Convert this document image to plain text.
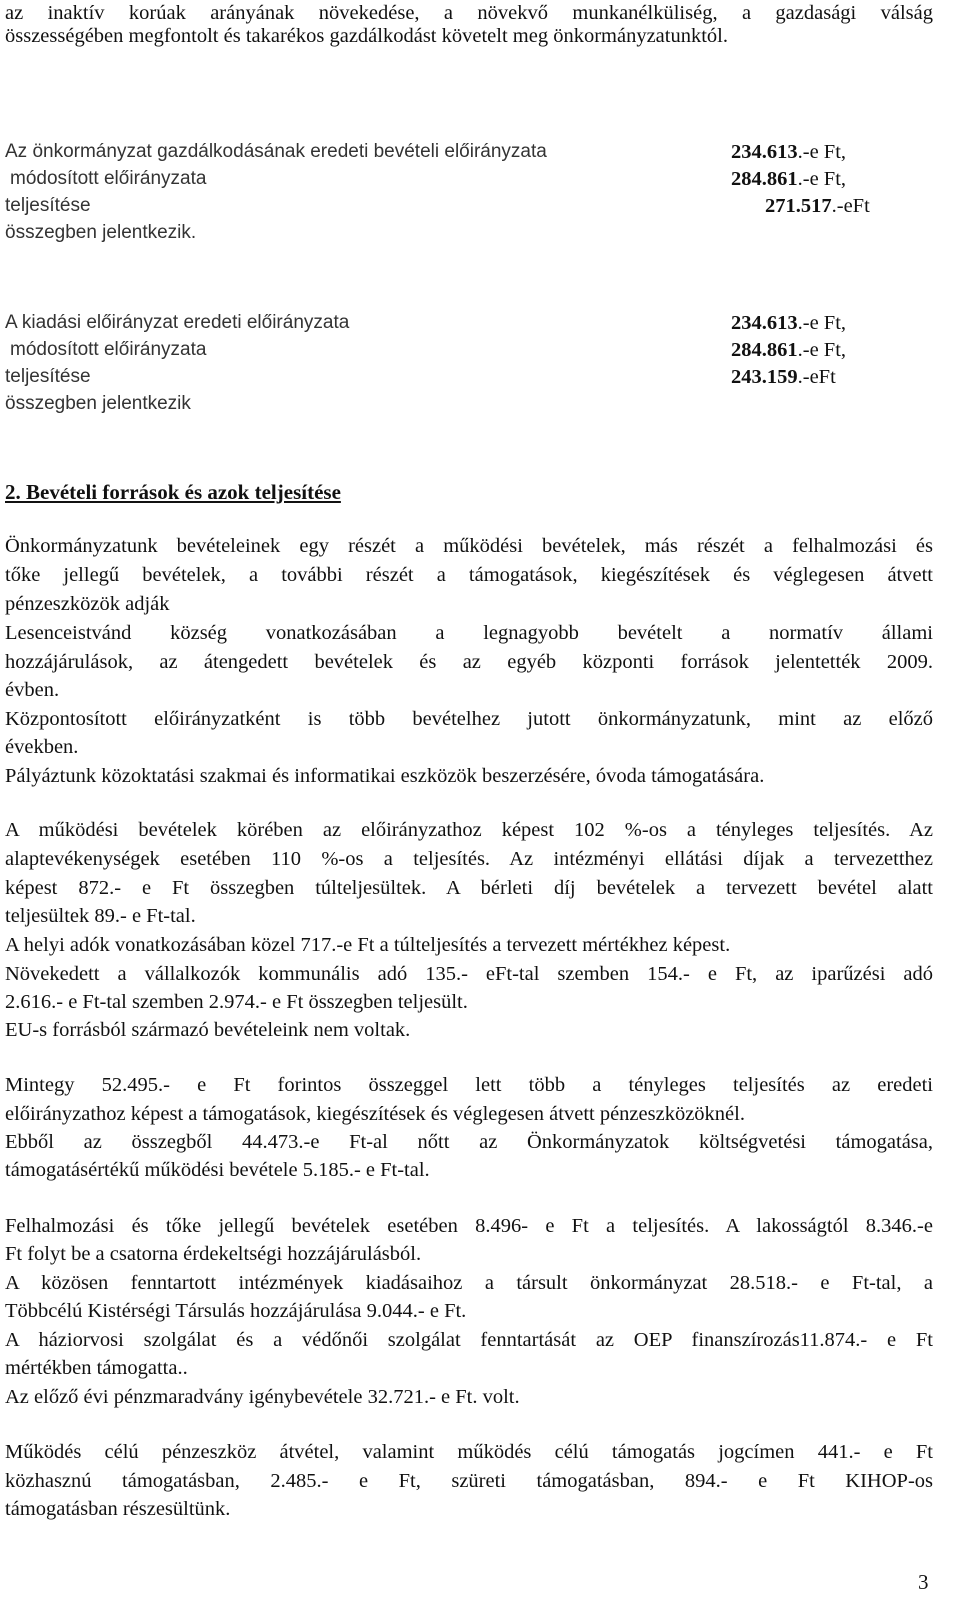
az inaktív korúak arányának növekedése, a növekvő munkanélküliség, a gazdasági válság
összességében megfontolt és takarékos gazdálkodást követelt meg önkormányzatunktól.
Az önkormányzat gazdálkodásának eredeti bevételi előirányzata
módosított előirányzata
teljesítése
összegben jelentkezik.
234.613.-e Ft,
284.861.-e Ft,
271.517.-eFt
A kiadási előirányzat eredeti előirányzata
módosított előirányzata
teljesítése
összegben jelentkezik
234.613.-e Ft,
284.861.-e Ft,
243.159.-eFt
2. Bevételi források és azok teljesítése
Önkormányzatunk bevételeinek egy részét a működési bevételek, más részét a felhalmozási és
tőke jellegű bevételek, a további részét a támogatások, kiegészítések és véglegesen átvett
pénzeszközök adják
Lesenceistvánd község vonatkozásában a legnagyobb bevételt a normatív állami
hozzájárulások, az átengedett bevételek és az egyéb központi források jelentették 2009.
évben.
Központosított előirányzatként is több bevételhez jutott önkormányzatunk, mint az előző
években.
Pályáztunk közoktatási szakmai és informatikai eszközök beszerzésére, óvoda támogatására.
A működési bevételek körében az előirányzathoz képest 102 %-os a tényleges teljesítés. Az
alaptevékenységek esetében 110 %-os a teljesítés. Az intézményi ellátási díjak a tervezetthez
képest 872.- e Ft összegben túlteljesültek. A bérleti díj bevételek a tervezett bevétel alatt
teljesültek 89.- e Ft-tal.
A helyi adók vonatkozásában közel 717.-e Ft a túlteljesítés a tervezett mértékhez képest.
Növekedett a vállalkozók kommunális adó 135.- eFt-tal szemben 154.- e Ft, az iparűzési adó
2.616.- e Ft-tal szemben 2.974.- e Ft összegben teljesült.
EU-s forrásból származó bevételeink nem voltak.
Mintegy 52.495.- e Ft forintos összeggel lett több a tényleges teljesítés az eredeti
előirányzathoz képest a támogatások, kiegészítések és véglegesen átvett pénzeszközöknél.
Ebből az összegből 44.473.-e Ft-al nőtt az Önkormányzatok költségvetési támogatása,
támogatásértékű működési bevétele 5.185.- e Ft-tal.
Felhalmozási és tőke jellegű bevételek esetében 8.496- e Ft a teljesítés. A lakosságtól 8.346.-e
Ft folyt be a csatorna érdekeltségi hozzájárulásból.
A közösen fenntartott intézmények kiadásaihoz a társult önkormányzat 28.518.- e Ft-tal, a
Többcélú Kistérségi Társulás hozzájárulása 9.044.- e Ft.
A háziorvosi szolgálat és a védőnői szolgálat fenntartását az OEP finanszírozás11.874.- e Ft
mértékben támogatta..
Az előző évi pénzmaradvány igénybevétele 32.721.- e Ft. volt.
Működés célú pénzeszköz átvétel, valamint működés célú támogatás jogcímen 441.- e Ft
közhasznú támogatásban, 2.485.- e Ft, szüreti támogatásban, 894.- e Ft KIHOP-os
támogatásban részesültünk.
3
